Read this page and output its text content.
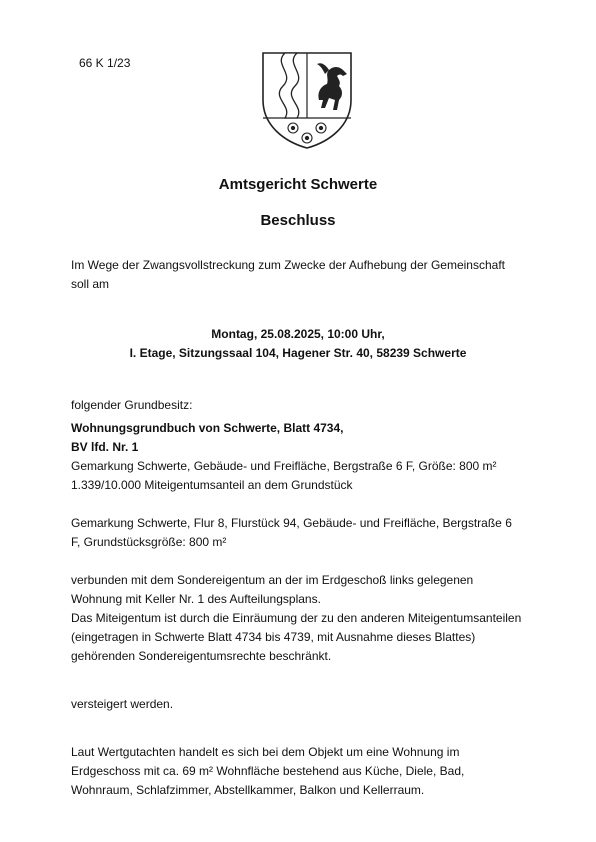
66 K 1/23
Amtsgericht Schwerte
Beschluss
Im Wege der Zwangsvollstreckung zum Zwecke der Aufhebung der Gemeinschaft
soll am
Montag, 25.08.2025, 10:00 Uhr,
I. Etage, Sitzungssaal 104, Hagener Str. 40, 58239 Schwerte
folgender Grundbesitz:
Wohnungsgrundbuch von Schwerte, Blatt 4734,
BV lfd. Nr. 1
Gemarkung Schwerte, Gebäude- und Freifläche, Bergstraße 6 F, Größe: 800 m²
1.339/10.000 Miteigentumsanteil an dem Grundstück
Gemarkung Schwerte, Flur 8, Flurstück 94, Gebäude- und Freifläche, Bergstraße 6
F, Grundstücksgröße: 800 m²
verbunden mit dem Sondereigentum an der im Erdgeschoß links gelegenen
Wohnung mit Keller Nr. 1 des Aufteilungsplans.
Das Miteigentum ist durch die Einräumung der zu den anderen Miteigentumsanteilen
(eingetragen in Schwerte Blatt 4734 bis 4739, mit Ausnahme dieses Blattes)
gehörenden Sondereigentumsrechte beschränkt.
versteigert werden.
Laut Wertgutachten handelt es sich bei dem Objekt um eine Wohnung im
Erdgeschoss mit ca. 69 m² Wohnfläche bestehend aus Küche, Diele, Bad,
Wohnraum, Schlafzimmer, Abstellkammer, Balkon und Kellerraum.
